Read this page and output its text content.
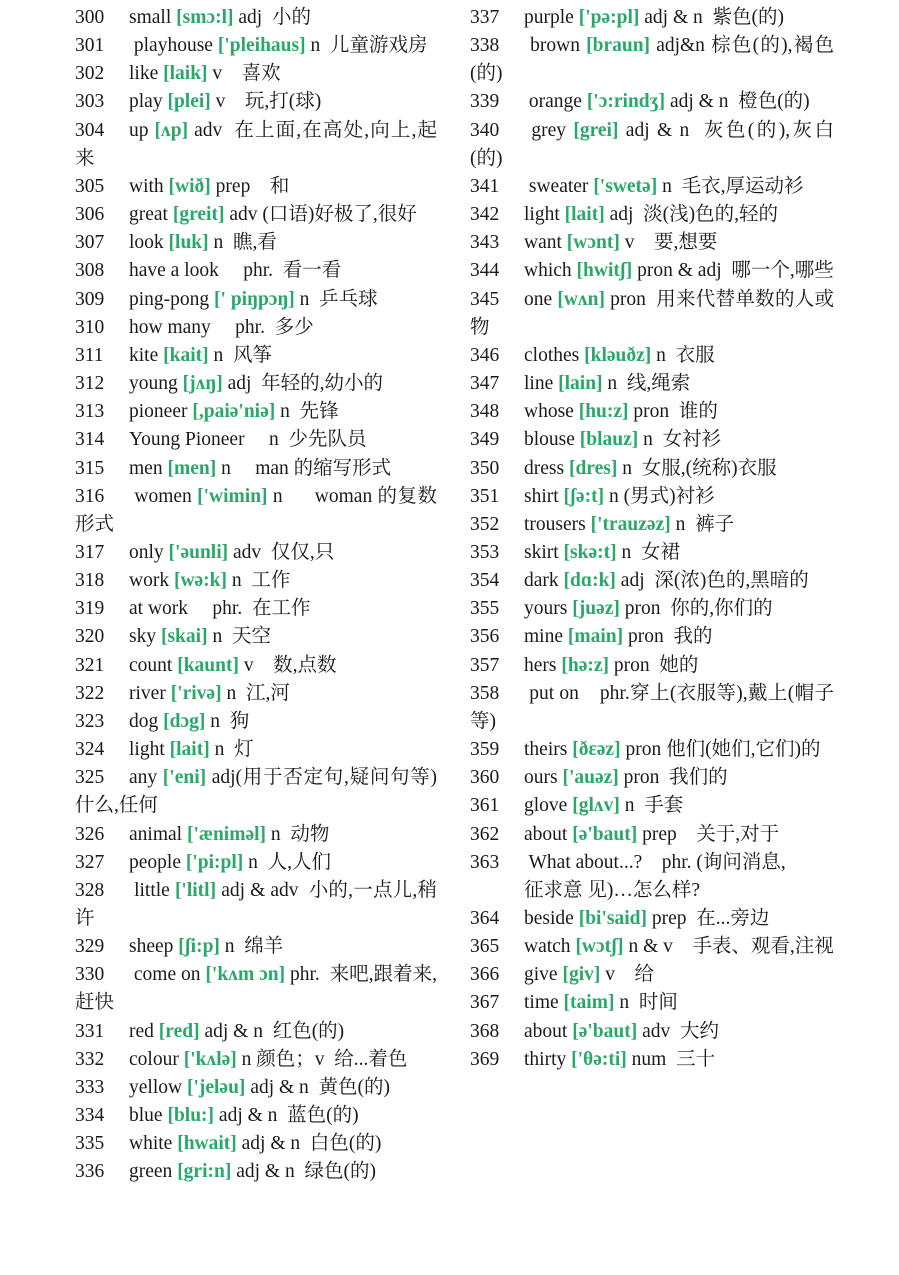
​
300 small [smɔ:l] adj  小的
301 playhouse ['pleihaus] n  儿童游戏房
302 like [laik] v    喜欢
303 play [plei] v    玩,打(球)
304 up [ʌp] adv  在上面,在高处,向上,起来
305 with [wið] prep    和
306 great [greit] adv (口语)好极了,很好
307 look [luk] n  瞧,看
308 have a look     phr.  看一看
309 ping-pong [' piŋpɔŋ] n  乒乓球
310 how many     phr.  多少
311 kite [kait] n  风筝
312 young [jʌŋ] adj  年轻的,幼小的
313 pioneer [,paiə'niə] n  先锋
314 Young Pioneer     n  少先队员
315 men [men] n     man 的缩写形式
316 women ['wimin] n      woman 的复数形式
317 only ['əunli] adv  仅仅,只
318 work [wə:k] n  工作
319 at work     phr.  在工作
320 sky [skai] n  天空
321 count [kaunt] v    数,点数
322 river ['rivə] n  江,河
323 dog [dɔg] n  狗
324 light [lait] n  灯
325 any ['eni] adj(用于否定句,疑问句等)什么,任何
326 animal ['ænimәl] n  动物
327 people ['pi:pl] n  人,人们
328 little ['litl] adj & adv  小的,一点儿,稍许
329 sheep [ʃi:p] n  绵羊
330 come on ['kʌm ɔn] phr.  来吧,跟着来,赶快
331 red [red] adj & n  红色(的)
332 colour ['kʌlə] n 颜色；v  给...着色
333 yellow ['jeləu] adj & n  黄色(的)
334 blue [blu:] adj & n  蓝色(的)
335 white [hwait] adj & n  白色(的)
336 green [gri:n] adj & n  绿色(的)
337 purple ['pə:pl] adj & n  紫色(的)
338 brown [braun] adj&n 棕色(的),褐色(的)
339 orange ['ɔ:rindʒ] adj & n  橙色(的)
340 grey [grei] adj & n  灰色(的),灰白(的)
341 sweater ['swetə] n  毛衣,厚运动衫
342 light [lait] adj  淡(浅)色的,轻的
343 want [wɔnt] v    要,想要
344 which [hwitʃ] pron & adj  哪一个,哪些
345 one [wʌn] pron  用来代替单数的人或物
346 clothes [kləuðz] n  衣服
347 line [lain] n  线,绳索
348 whose [hu:z] pron  谁的
349 blouse [blauz] n  女衬衫
350 dress [dres] n  女服,(统称)衣服
351 shirt [ʃə:t] n (男式)衬衫
352 trousers ['trauzəz] n  裤子
353 skirt [skə:t] n  女裙
354 dark [dɑ:k] adj  深(浓)色的,黑暗的
355 yours [juəz] pron  你的,你们的
356 mine [main] pron  我的
357 hers [hə:z] pron  她的
358 put on    phr.穿上(衣服等),戴上(帽子等)
359 theirs [ðεəz] pron 他们(她们,它们)的
360 ours ['auəz] pron  我们的
361 glove [glʌv] n  手套
362 about [ə'baut] prep    关于,对于
363 What about...?    phr. (询问消息,
征求意 见)…怎么样?
364 beside [bi'said] prep  在...旁边
365 watch [wɔtʃ] n & v    手表、观看,注视
366 give [giv] v    给
367 time [taim] n  时间
368 about [ə'baut] adv  大约
369 thirty ['θə:ti] num  三十
